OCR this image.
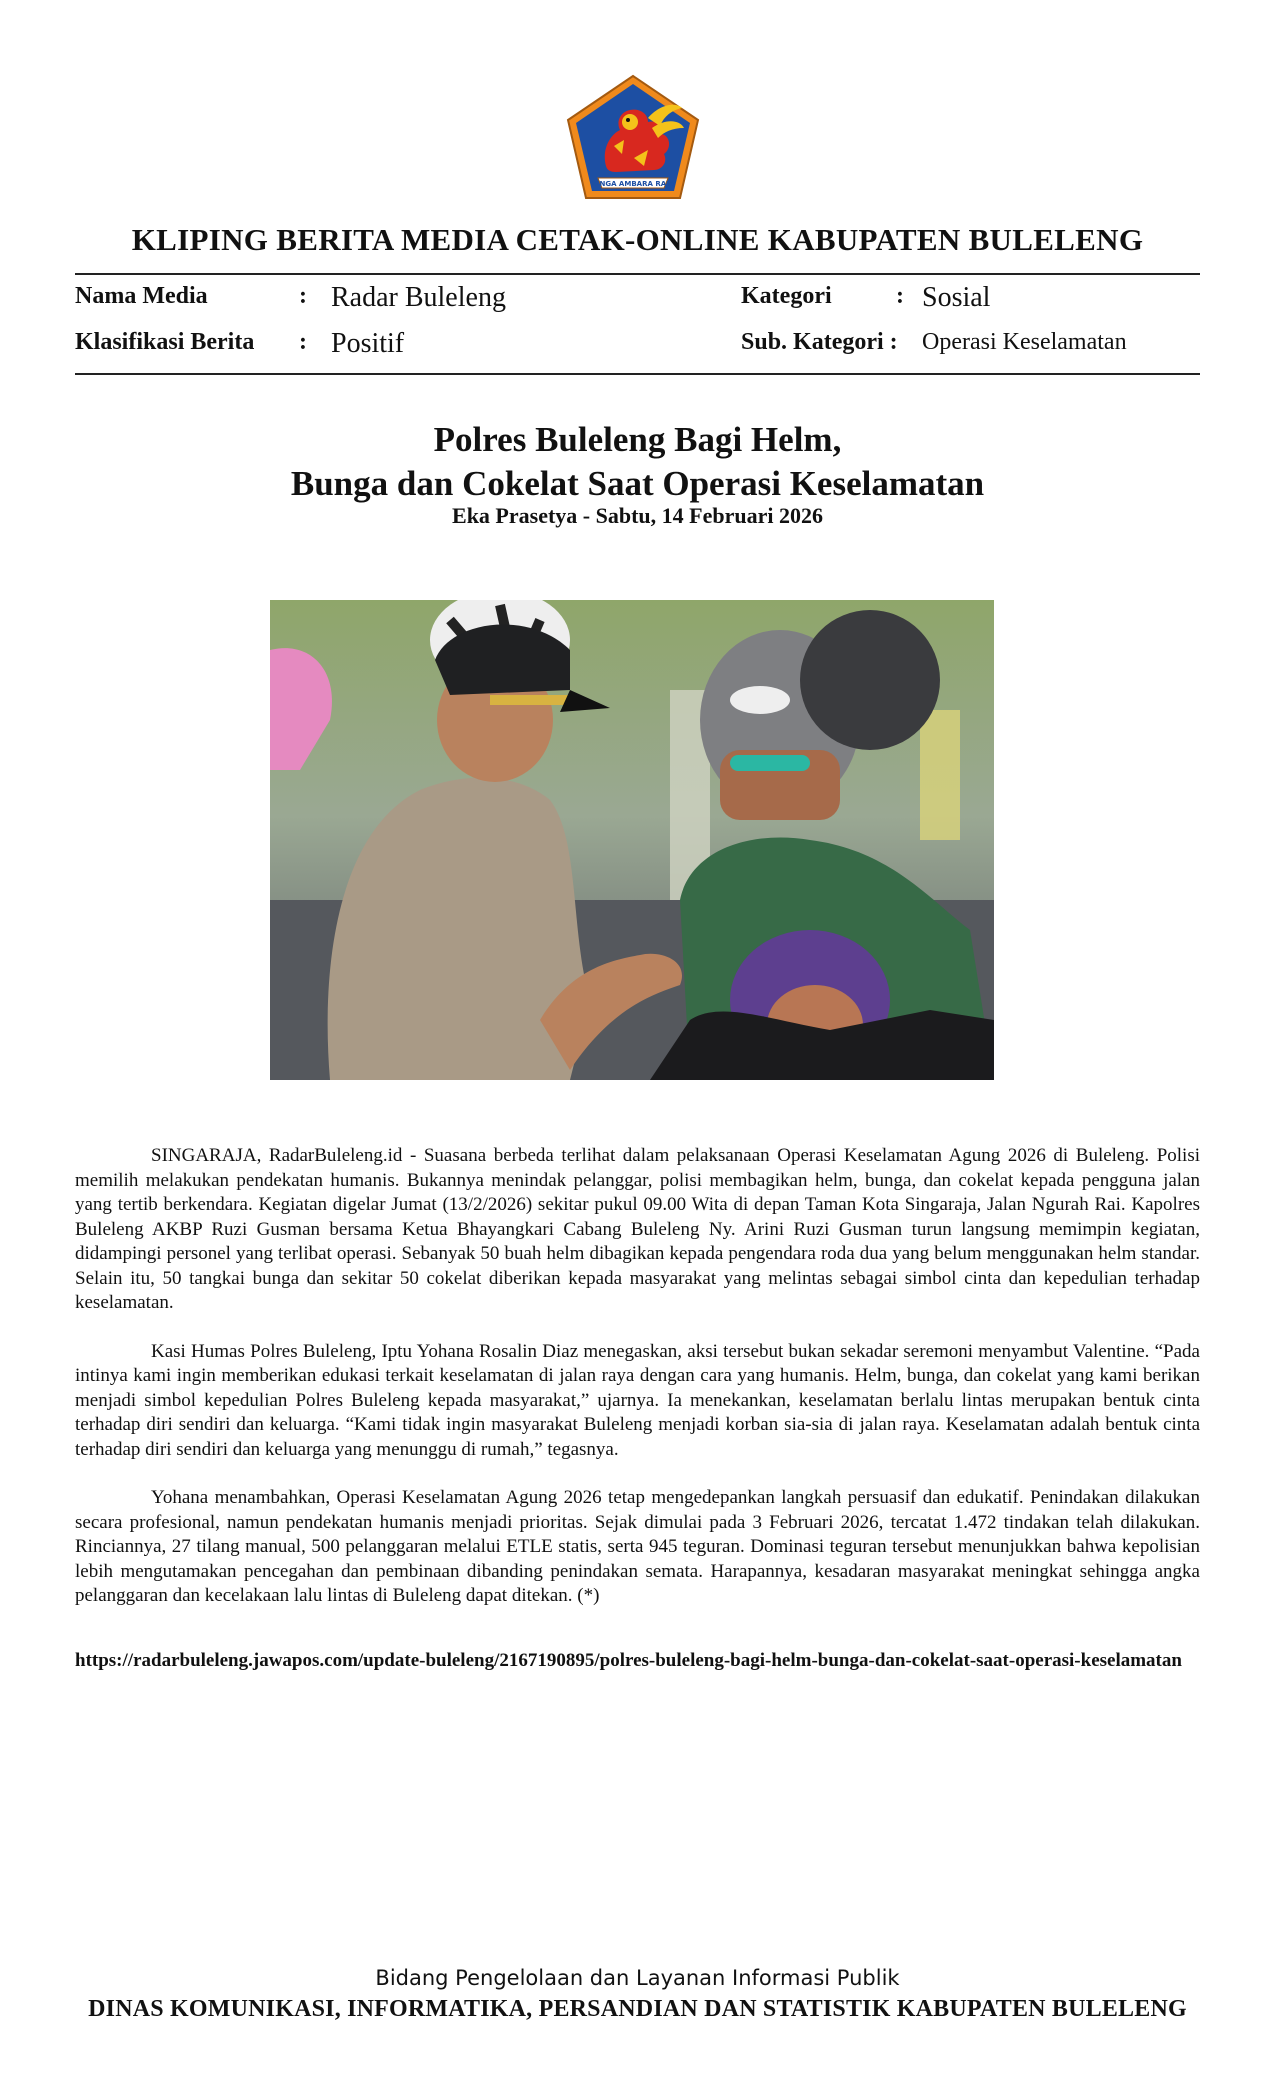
SINGA AMBARA RAJA
KLIPING BERITA MEDIA CETAK-ONLINE KABUPATEN BULELENG
Nama Media	: Radar Buleleng
Klasifikasi Berita : Positif
Kategori	: Sosial
Sub. Kategori : Operasi Keselamatan
Polres Buleleng Bagi Helm,
Bunga dan Cokelat Saat Operasi Keselamatan
Eka Prasetya - Sabtu, 14 Februari 2026

SINGARAJA, RadarBuleleng.id - Suasana berbeda terlihat dalam pelaksanaan Operasi Keselamatan Agung 2026 di Buleleng. Polisi memilih melakukan pendekatan humanis. Bukannya menindak pelanggar, polisi membagikan helm, bunga, dan cokelat kepada pengguna jalan yang tertib berkendara. Kegiatan digelar Jumat (13/2/2026) sekitar pukul 09.00 Wita di depan Taman Kota Singaraja, Jalan Ngurah Rai. Kapolres Buleleng AKBP Ruzi Gusman bersama Ketua Bhayangkari Cabang Buleleng Ny. Arini Ruzi Gusman turun langsung memimpin kegiatan, didampingi personel yang terlibat operasi. Sebanyak 50 buah helm dibagikan kepada pengendara roda dua yang belum menggunakan helm standar. Selain itu, 50 tangkai bunga dan sekitar 50 cokelat diberikan kepada masyarakat yang melintas sebagai simbol cinta dan kepedulian terhadap keselamatan.

Kasi Humas Polres Buleleng, Iptu Yohana Rosalin Diaz menegaskan, aksi tersebut bukan sekadar seremoni menyambut Valentine. “Pada intinya kami ingin memberikan edukasi terkait keselamatan di jalan raya dengan cara yang humanis. Helm, bunga, dan cokelat yang kami berikan menjadi simbol kepedulian Polres Buleleng kepada masyarakat,” ujarnya. Ia menekankan, keselamatan berlalu lintas merupakan bentuk cinta terhadap diri sendiri dan keluarga. “Kami tidak ingin masyarakat Buleleng menjadi korban sia-sia di jalan raya. Keselamatan adalah bentuk cinta terhadap diri sendiri dan keluarga yang menunggu di rumah,” tegasnya.

Yohana menambahkan, Operasi Keselamatan Agung 2026 tetap mengedepankan langkah persuasif dan edukatif. Penindakan dilakukan secara profesional, namun pendekatan humanis menjadi prioritas. Sejak dimulai pada 3 Februari 2026, tercatat 1.472 tindakan telah dilakukan. Rinciannya, 27 tilang manual, 500 pelanggaran melalui ETLE statis, serta 945 teguran. Dominasi teguran tersebut menunjukkan bahwa kepolisian lebih mengutamakan pencegahan dan pembinaan dibanding penindakan semata. Harapannya, kesadaran masyarakat meningkat sehingga angka pelanggaran dan kecelakaan lalu lintas di Buleleng dapat ditekan. (*)

https://radarbuleleng.jawapos.com/update-buleleng/2167190895/polres-buleleng-bagi-helm-bunga-dan-cokelat-saat-operasi-keselamatan
Bidang Pengelolaan dan Layanan Informasi Publik
DINAS KOMUNIKASI, INFORMATIKA, PERSANDIAN DAN STATISTIK KABUPATEN BULELENG
